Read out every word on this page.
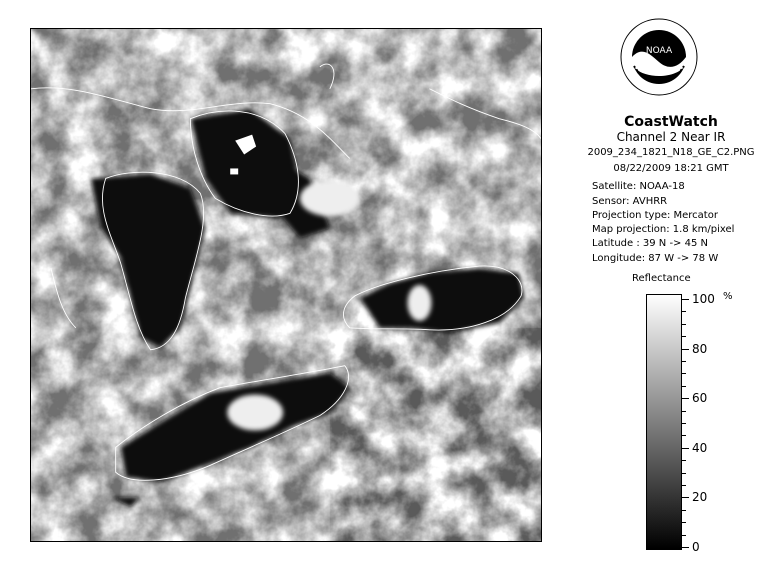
NOAA
CoastWatch
Channel 2 Near IR
2009_234_1821_N18_GE_C2.PNG
08/22/2009 18:21 GMT
Satellite: NOAA-18
Sensor: AVHRR
Projection type: Mercator
Map projection: 1.8 km/pixel
Latitude : 39 N -> 45 N
Longitude: 87 W -> 78 W
Reflectance
%
100
80
60
40
20
0
